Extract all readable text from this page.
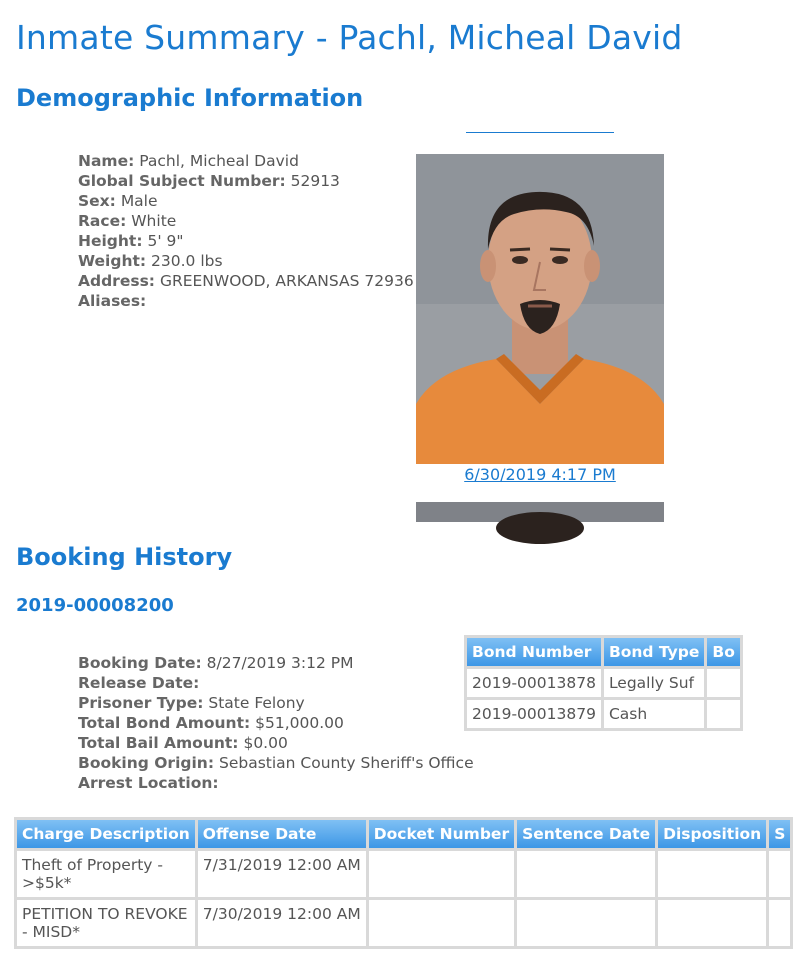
Inmate Summary - Pachl, Micheal David
Demographic Information
Name: Pachl, Micheal David
Global Subject Number: 52913
Sex: Male
Race: White
Height: 5' 9"
Weight: 230.0 lbs
Address: GREENWOOD, ARKANSAS 72936
Aliases:
6/30/2019 4:17 PM
Booking History
2019-00008200
Booking Date: 8/27/2019 3:12 PM
Release Date:
Prisoner Type: State Felony
Total Bond Amount: $51,000.00
Total Bail Amount: $0.00
Booking Origin: Sebastian County Sheriff's Office
Arrest Location:
Bond Number	Bond Type	Bo
2019-00013878	Legally Suf	
2019-00013879	Cash	
Charge Description	Offense Date	Docket Number	Sentence Date	Disposition	S
Theft of Property - >$5k*	7/31/2019 12:00 AM				
PETITION TO REVOKE - MISD*	7/30/2019 12:00 AM				
